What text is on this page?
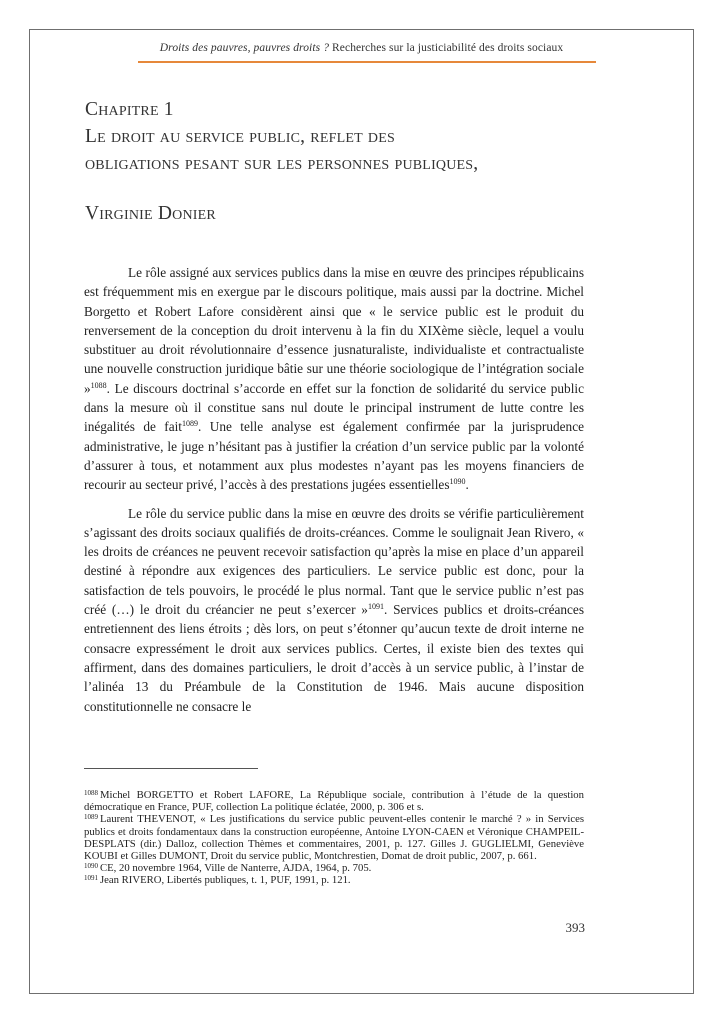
Droits des pauvres, pauvres droits ? Recherches sur la justiciabilité des droits sociaux
Chapitre 1
Le droit au service public, reflet des
obligations pesant sur les personnes publiques,
Virginie Donier

Le rôle assigné aux services publics dans la mise en œuvre des principes républicains est fréquemment mis en exergue par le discours politique, mais aussi par la doctrine. Michel Borgetto et Robert Lafore considèrent ainsi que « le service public est le produit du renversement de la conception du droit intervenu à la fin du XIXème siècle, lequel a voulu substituer au droit révolutionnaire d’essence jusnaturaliste, individualiste et contractualiste une nouvelle construction juridique bâtie sur une théorie sociologique de l’intégration sociale »$^{1088}$. Le discours doctrinal s’accorde en effet sur la fonction de solidarité du service public dans la mesure où il constitue sans nul doute le principal instrument de lutte contre les inégalités de fait$^{1089}$. Une telle analyse est également confirmée par la jurisprudence administrative, le juge n’hésitant pas à justifier la création d’un service public par la volonté d’assurer à tous, et notamment aux plus modestes n’ayant pas les moyens financiers de recourir au secteur privé, l’accès à des prestations jugées essentielles$^{1090}$.

Le rôle du service public dans la mise en œuvre des droits se vérifie particulièrement s’agissant des droits sociaux qualifiés de droits-créances. Comme le soulignait Jean Rivero, « les droits de créances ne peuvent recevoir satisfaction qu’après la mise en place d’un appareil destiné à répondre aux exigences des particuliers. Le service public est donc, pour la satisfaction de tels pouvoirs, le procédé le plus normal. Tant que le service public n’est pas créé (…) le droit du créancier ne peut s’exercer »$^{1091}$. Services publics et droits-créances entretiennent des liens étroits ; dès lors, on peut s’étonner qu’aucun texte de droit interne ne consacre expressément le droit aux services publics. Certes, il existe bien des textes qui affirment, dans des domaines particuliers, le droit d’accès à un service public, à l’instar de l’alinéa 13 du Préambule de la Constitution de 1946. Mais aucune disposition constitutionnelle ne consacre le

$^{1088}$ Michel BORGETTO et Robert LAFORE, La République sociale, contribution à l’étude de la question démocratique en France, PUF, collection La politique éclatée, 2000, p. 306 et s.
$^{1089}$ Laurent THEVENOT, « Les justifications du service public peuvent-elles contenir le marché ? » in Services publics et droits fondamentaux dans la construction européenne, Antoine LYON-CAEN et Véronique CHAMPEIL-DESPLATS (dir.) Dalloz, collection Thèmes et commentaires, 2001, p. 127. Gilles J. GUGLIELMI, Geneviève KOUBI et Gilles DUMONT, Droit du service public, Montchrestien, Domat de droit public, 2007, p. 661.
$^{1090}$ CE, 20 novembre 1964, Ville de Nanterre, AJDA, 1964, p. 705.
$^{1091}$ Jean RIVERO, Libertés publiques, t. 1, PUF, 1991, p. 121.
393
